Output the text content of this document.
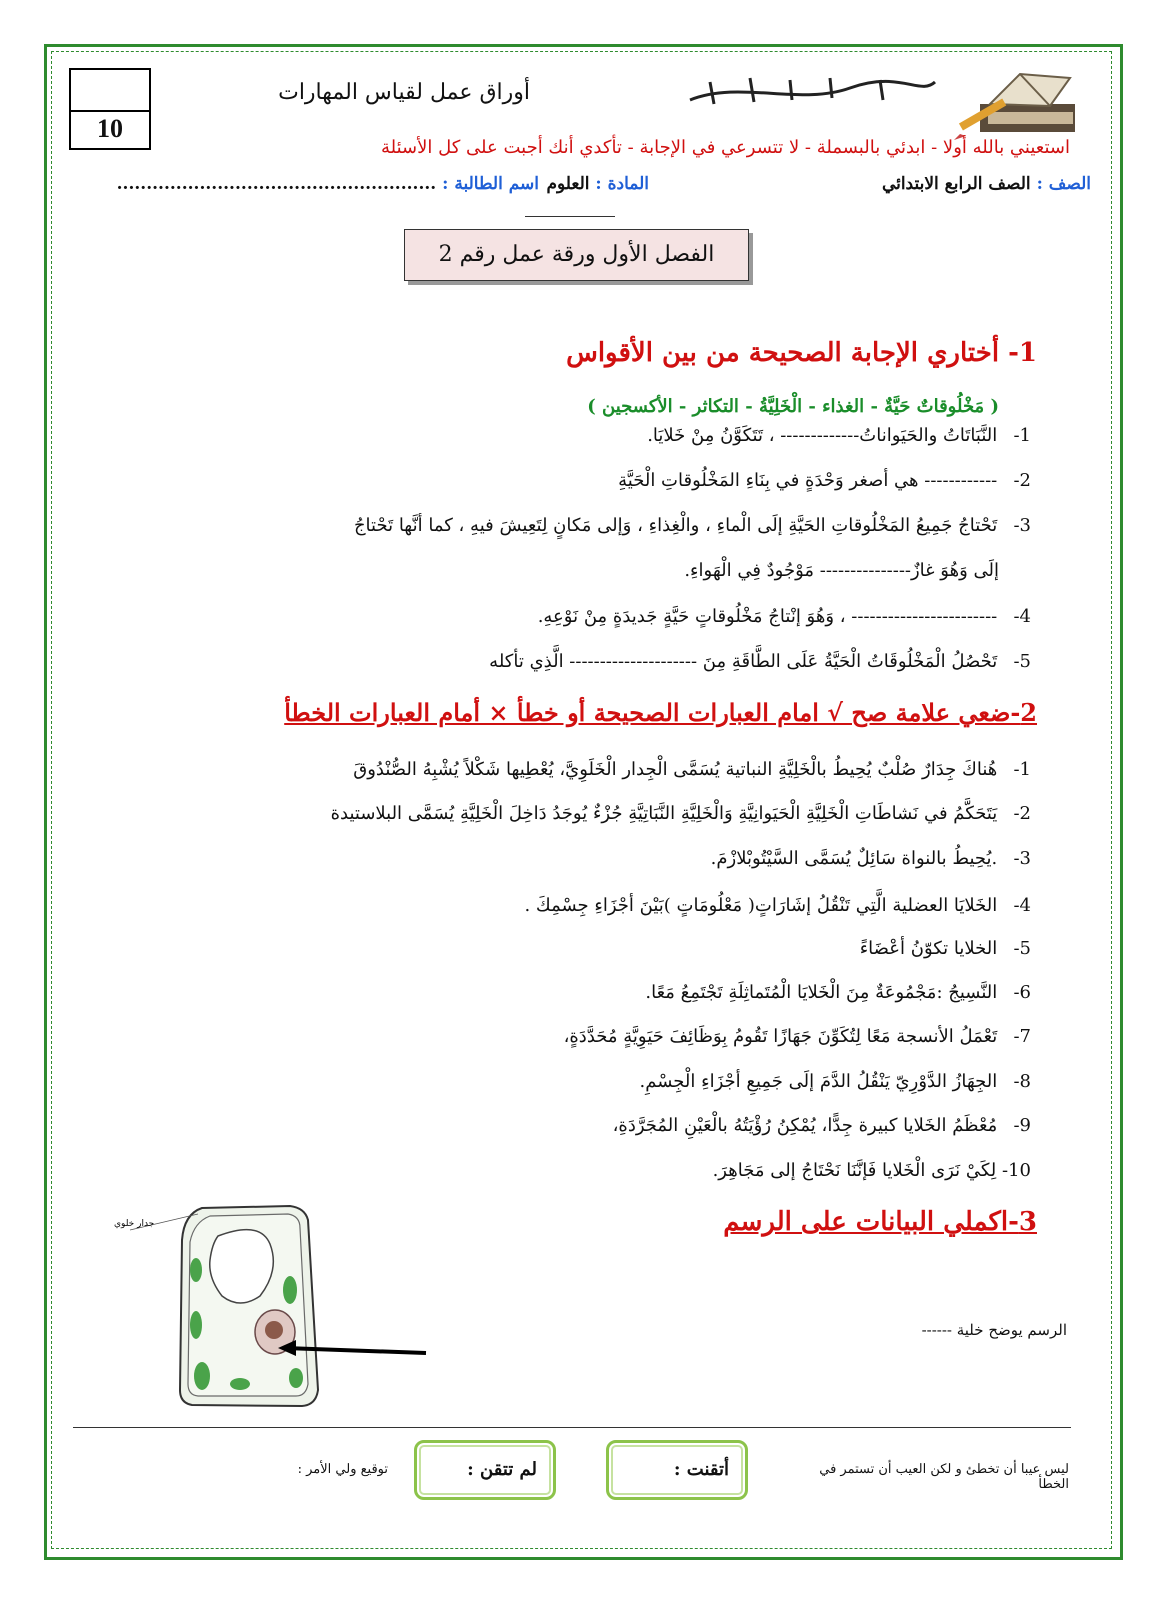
10
أوراق عمل لقياس المهارات
استعيني بالله أولا - ابدئي بالبسملة - لا تتسرعي في الإجابة - تأكدي أنك أجبت على كل الأسئلة
الصف : الصف الرابع الابتدائي
المادة : العلوم
اسم الطالبة : ......................................................
الفصل الأول ورقة عمل رقم 2
1- أختاري الإجابة الصحيحة من بين الأقواس
( مَخْلُوقاتٌ حَيَّةٌ - الغذاء - الْخَلِيَّةُ - التكاثر - الأكسجين )
1- النَّبَاتَاتُ والحَيَواناتُ------------- ، تَتَكَوَّنُ مِنْ خَلايَا.
2- ------------ هي أصغر وَحْدَةٍ في بِنَاءِ المَخْلُوقاتِ الْحَيَّةِ
3- تَحْتاجُ جَمِيعُ المَخْلُوقاتِ الحَيَّةِ إلَى الْماءِ ، والْغِذاءِ ، وَإلى مَكانٍ لِتَعِيشَ فيهِ ، كما أنَّها تَحْتاجُ
إلَى وَهُوَ غازٌ--------------- مَوْجُودٌ فِي الْهَواءِ.
4- ------------------------ ، وَهُوَ إنْتاجُ مَخْلُوقاتٍ حَيَّةٍ جَديدَةٍ مِنْ نَوْعِهِ.
5- تَحْصُلُ الْمَخْلُوقَاتُ الْحَيَّةُ عَلَى الطَّاقَةِ مِنَ --------------------- الَّذِي تأكله
2-ضعي علامة صح √ امام العبارات الصحيحة أو خطأ × أمام العبارات الخطأ
1- هُناكَ جِدَارٌ صُلْبٌ يُحِيطُ بالْخَلِيَّةِ النباتية يُسَمَّى الْجِدار الْخَلَوِيَّ، يُعْطِيها شَكْلاً يُشْبِهُ الصُّنْدُوقَ
2- يَتَحَكَّمُ في نَشاطَاتِ الْخَلِيَّةِ الْحَيَوانِيَّةِ وَالْخَلِيَّةِ النَّبَاتِيَّةِ جُزْءٌ يُوجَدُ دَاخِلَ الْخَلِيَّةِ يُسَمَّى البلاستيدة
3- .يُحِيطُ بالنواة سَائِلٌ يُسَمَّى السَّيْتُوبْلازْمَ.
4- الخَلايَا العضلية الَّتِي تَنْقُلُ إشَارَاتٍ( مَعْلُومَاتٍ )بَيْنَ أجْزَاءِ جِسْمِكَ .
5- الخلايا تكوّنُ أعْضَاءً
6- النَّسِيجُ :مَجْمُوعَةٌ مِنَ الْخَلايَا الْمُتَماثِلَةِ تَجْتَمِعُ مَعًا.
7- تَعْمَلُ الأنسجة مَعًا لِتُكَوِّنَ جَهَازًا تَقُومُ بِوَظَائِفَ حَيَوِيَّةٍ مُحَدَّدَةٍ،
8- الجِهَازُ الدَّوْرِيّ يَنْقُلُ الدَّمَ إلَى جَمِيعِ أجْزَاءِ الْجِسْمِ.
9- مُعْظَمُ الخَلايا كبيرة جِدًّا، يُمْكِنُ رُؤْيَتُهُ بالْعَيْنِ المُجَرَّدَةِ،
10- لِكَيْ نَرَى الْخَلايا فَإنَّنَا نَحْتَاجُ إلى مَجَاهِرَ.
3-اكملي البيانات على الرسم
الرسم يوضح خلية ------
جدار خلوي
أتقنت :
لم تتقن :
توقيع ولي الأمر :	ليس عيبا أن تخطئ و لكن العيب أن تستمر في الخطأ
